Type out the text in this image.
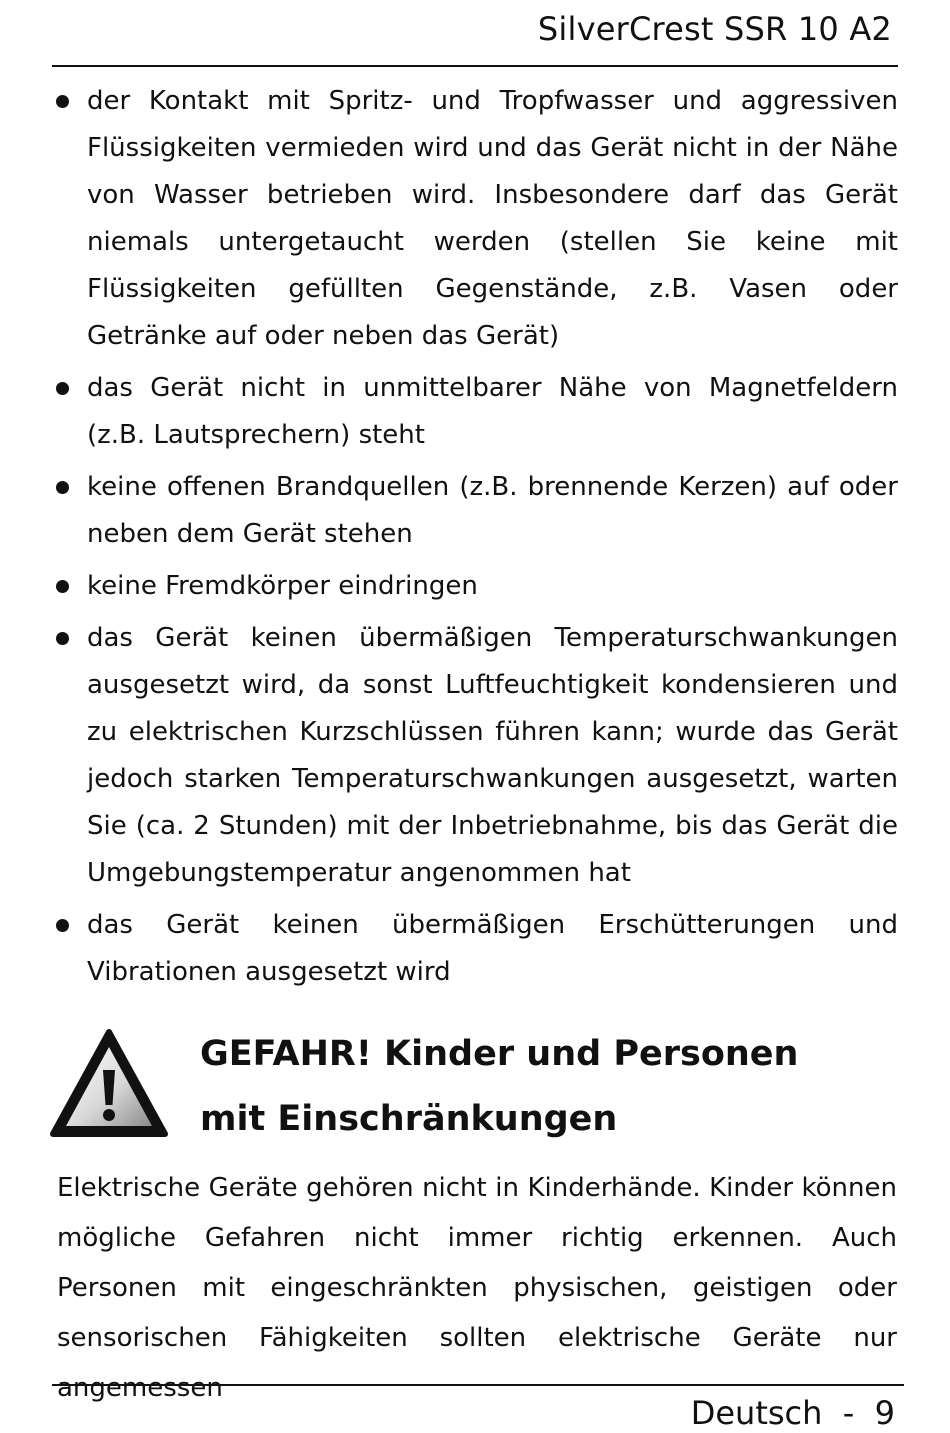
SilverCrest SSR 10 A2
der Kontakt mit Spritz- und Tropfwasser und aggressiven Flüssigkeiten vermieden wird und das Gerät nicht in der Nähe von Wasser betrieben wird. Insbesondere darf das Gerät niemals untergetaucht werden (stellen Sie keine mit Flüssigkeiten gefüllten Gegenstände, z.B. Vasen oder Getränke auf oder neben das Gerät)
das Gerät nicht in unmittelbarer Nähe von Magnetfeldern (z.B. Lautsprechern) steht
keine offenen Brandquellen (z.B. brennende Kerzen) auf oder neben dem Gerät stehen
keine Fremdkörper eindringen
das Gerät keinen übermäßigen Temperaturschwankungen ausgesetzt wird, da sonst Luftfeuchtigkeit kondensieren und zu elektrischen Kurzschlüssen führen kann; wurde das Gerät jedoch starken Temperaturschwankungen ausgesetzt, warten Sie (ca. 2 Stunden) mit der Inbetriebnahme, bis das Gerät die Umgebungstemperatur angenommen hat
das Gerät keinen übermäßigen Erschütterungen und Vibrationen ausgesetzt wird
GEFAHR! Kinder und Personen
mit Einschränkungen

Elektrische Geräte gehören nicht in Kinderhände. Kinder können mögliche Gefahren nicht immer richtig erkennen. Auch Personen mit eingeschränkten physischen, geistigen oder sensorischen Fähigkeiten sollten elektrische Geräte nur angemessen

Deutsch  -  9
